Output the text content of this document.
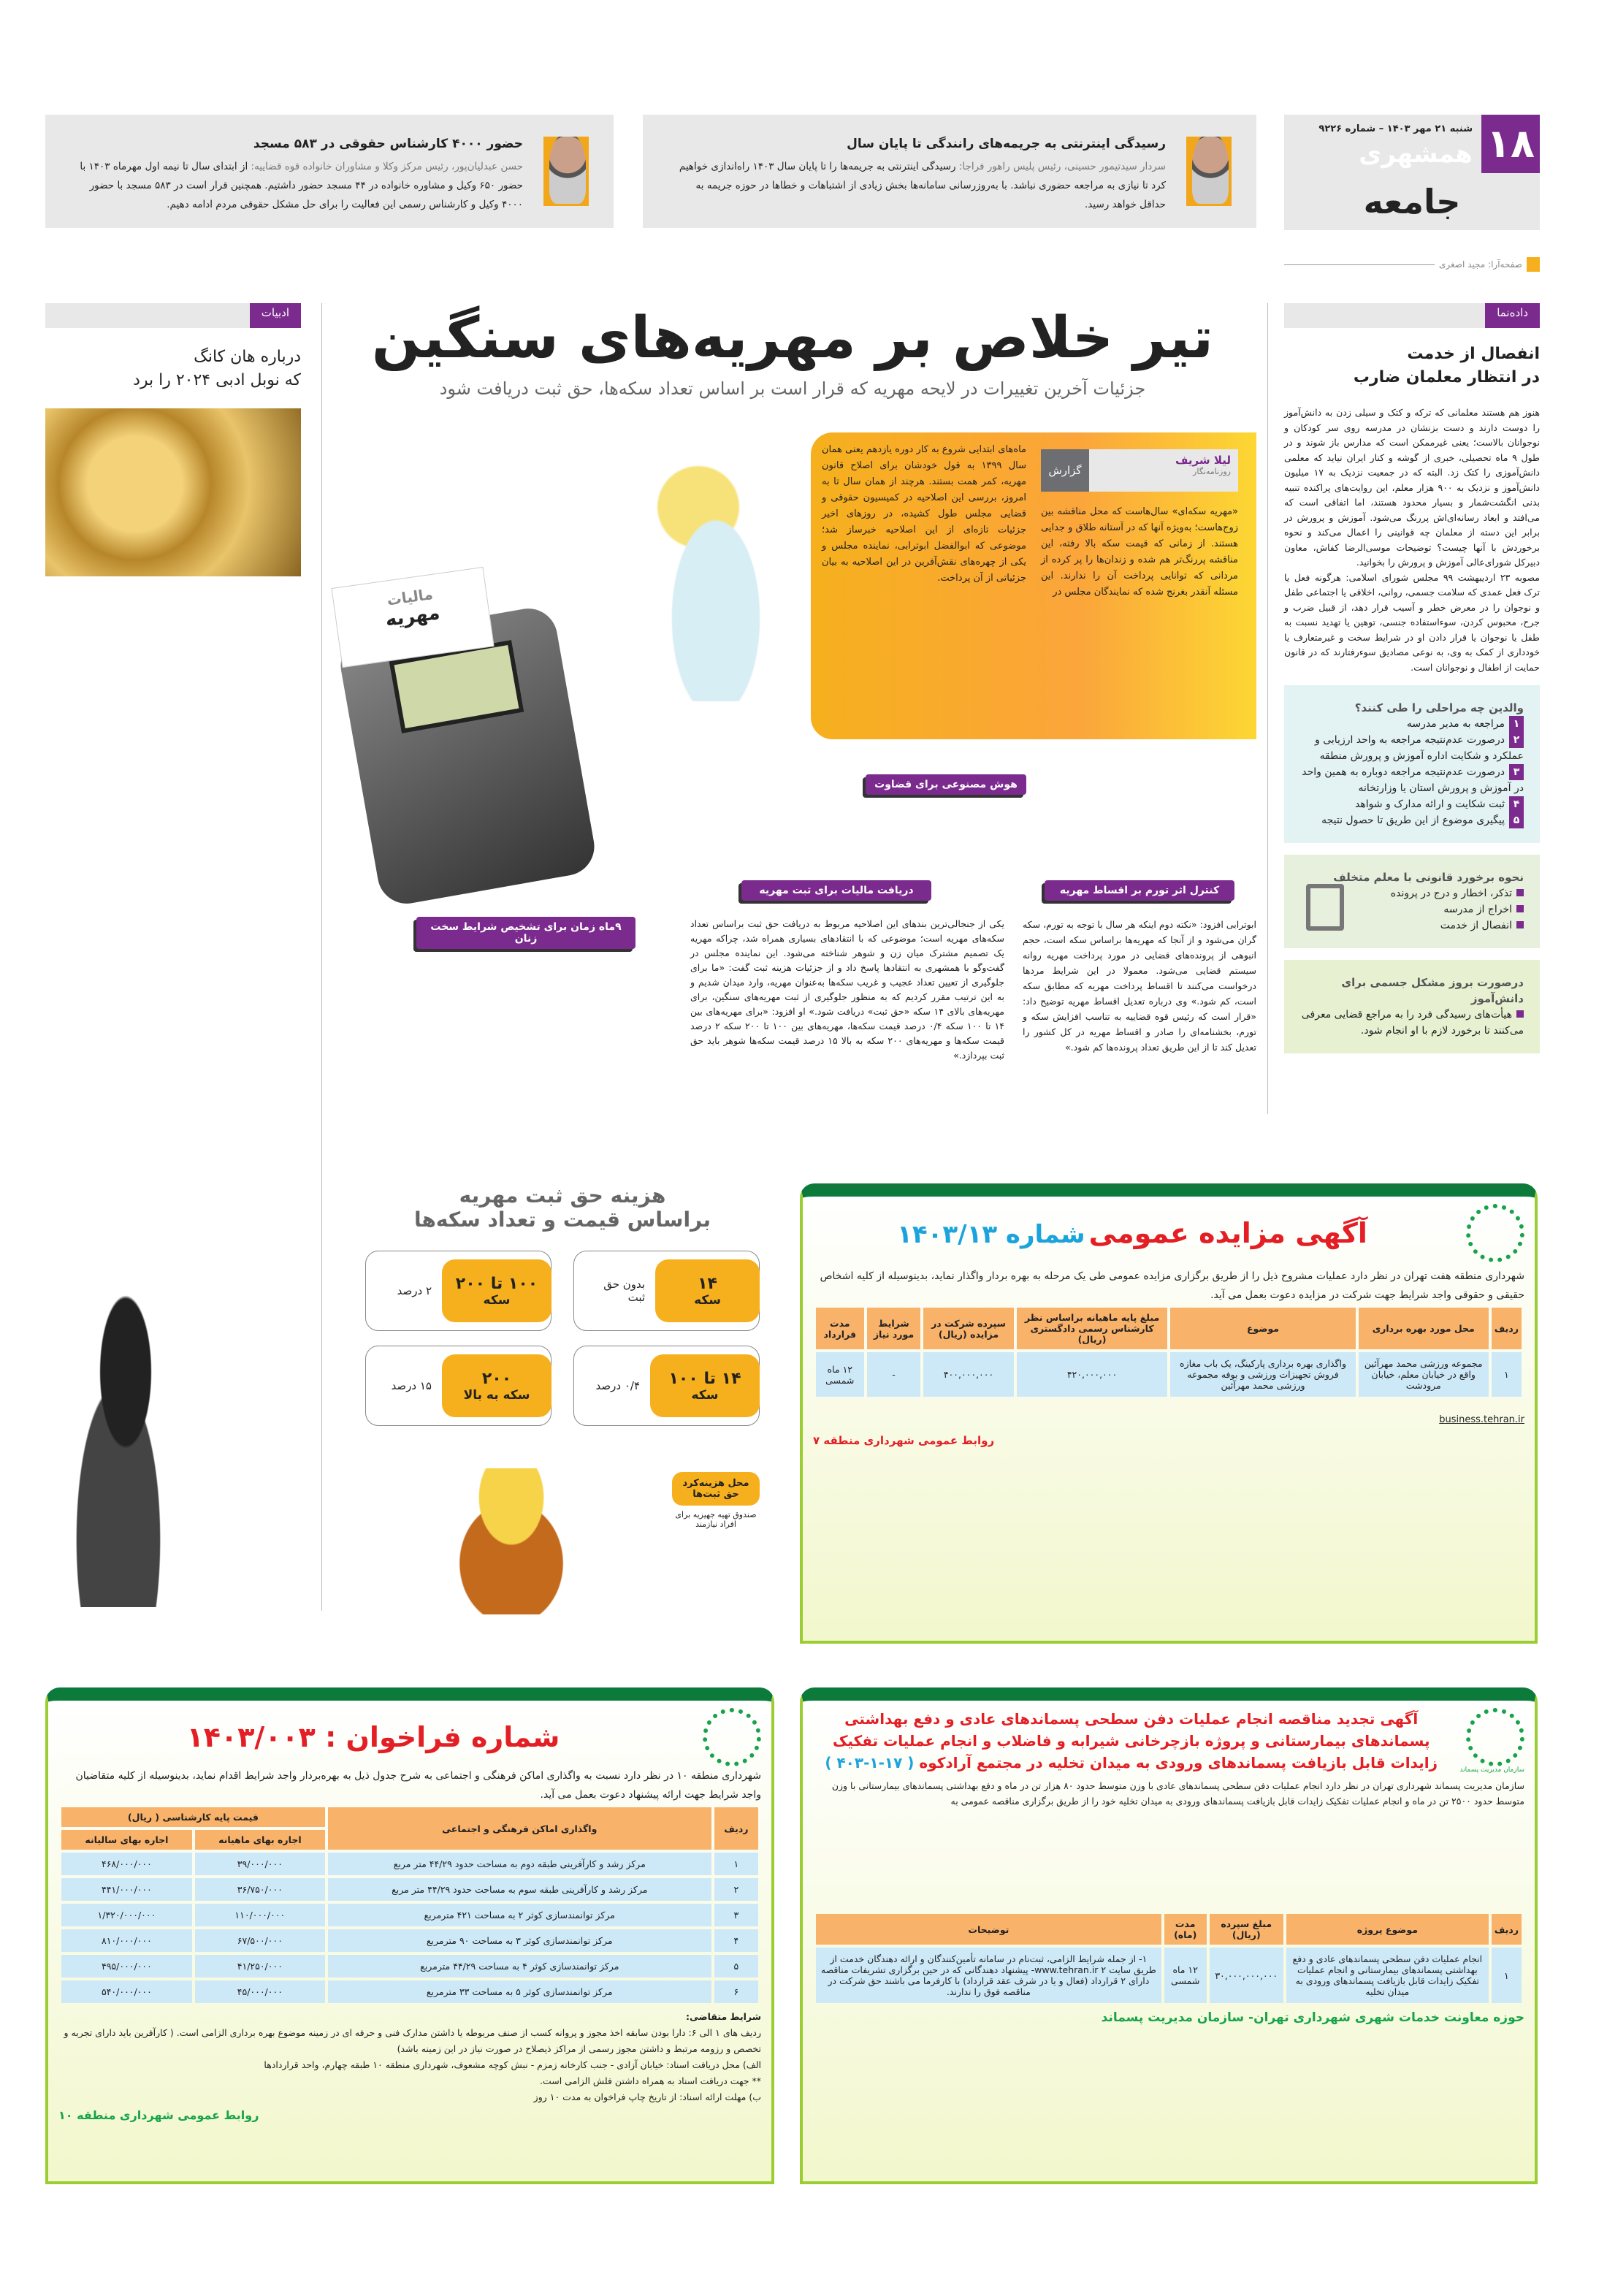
۱۸
شنبه ۲۱ مهر ۱۴۰۳ – شماره ۹۲۲۶
همشهری
جامعه
صفحه‌آرا: مجید اصغری
رسیدگی اینترنتی به جریمه‌های رانندگی تا پایان سال

سردار سیدتیمور حسینی، رئیس پلیس راهور فراجا: رسیدگی اینترنتی به جریمه‌ها را تا پایان سال ۱۴۰۳ راه‌اندازی خواهیم کرد تا نیازی به مراجعه حضوری نباشد. با به‌روزرسانی سامانه‌ها بخش زیادی از اشتباهات و خطاها در حوزه جریمه به حداقل خواهد رسید.

حضور ۴۰۰۰ کارشناس حقوقی در ۵۸۳ مسجد

حسن عبدلیان‌پور، رئیس مرکز وکلا و مشاوران خانواده قوه قضاییه: از ابتدای سال تا نیمه اول مهرماه ۱۴۰۳ با حضور ۶۵۰ وکیل و مشاوره خانواده در ۴۴ مسجد حضور داشتیم. همچنین قرار است در ۵۸۳ مسجد با حضور ۴۰۰۰ وکیل و کارشناس رسمی این فعالیت را برای حل مشکل حقوقی مردم ادامه دهیم.

داده‌نما
انفصال از خدمت
در انتظار معلمان ضارب

هنوز هم هستند معلمانی که ترکه و کتک و سیلی زدن به دانش‌آموز را دوست دارند و دست بزنشان در مدرسه روی سر کودکان و نوجوانان بالاست؛ یعنی غیرممکن است که مدارس باز شوند و در طول ۹ ماه تحصیلی، خبری از گوشه و کنار ایران نیاید که معلمی دانش‌آموزی را کتک زد. البته که در جمعیت نزدیک به ۱۷ میلیون دانش‌آموز و نزدیک به ۹۰۰ هزار معلم، این روایت‌های پراکنده تنبیه بدنی انگشت‌شمار و بسیار محدود هستند، اما اتفاقی است که می‌افتد و ابعاد رسانه‌ای‌اش پررنگ می‌شود. آموزش و پرورش در برابر این دسته از معلمان چه قوانینی را اعمال می‌کند و نحوه برخوردش با آنها چیست؟ توضیحات موسی‌الرضا کفاش، معاون دبیرکل شورای‌عالی آموزش و پرورش را بخوانید.

مصوبه ۲۳ اردیبهشت ۹۹ مجلس شورای اسلامی: هرگونه فعل یا ترک فعل عمدی که سلامت جسمی، روانی، اخلاقی یا اجتماعی طفل و نوجوان را در معرض خطر و آسیب قرار دهد، از قبیل ضرب و جرح، محبوس کردن، سوءاستفاده جنسی، توهین یا تهدید نسبت به طفل یا نوجوان یا قرار دادن او در شرایط سخت و غیرمتعارف یا خودداری از کمک به وی، به نوعی مصادیق سوءرفتارند که در قانون حمایت از اطفال و نوجوانان است.

والدین چه مراحلی را طی کنند؟
۱مراجعه به مدیر مدرسه
۲درصورت عدم‌نتیجه مراجعه به واحد ارزیابی و عملکرد و شکایت اداره آموزش و پرورش منطقه
۳درصورت عدم‌نتیجه مراجعه دوباره به همین واحد در آموزش و پرورش استان یا وزارتخانه
۴ثبت شکایت و ارائه مدارک و شواهد
۵پیگیری موضوع از این طریق تا حصول نتیجه
نحوه برخورد قانونی با معلم متخلف
تذکر، اخطار و درج در پرونده
اخراج از مدرسه
انفصال از خدمت
درصورت بروز مشکل جسمی برای دانش‌آموز
هیأت‌های رسیدگی فرد را به مراجع قضایی معرفی می‌کنند تا برخورد لازم با او انجام شود.
تیر خلاص بر مهریه‌های سنگین
جزئیات آخرین تغییرات در لایحه مهریه که قرار است بر اساس تعداد سکه‌ها، حق ثبت دریافت شود
لیلا شریف
روزنامه‌نگار
گزارش

«مهریه سکه‌ای» سال‌هاست که محل مناقشه بین زوج‌هاست؛ به‌ویژه آنها که در آستانه طلاق و جدایی هستند. از زمانی که قیمت سکه بالا رفته، این مناقشه پررنگ‌تر هم شده و زندان‌ها را پر کرده از مردانی که توانایی پرداخت آن را ندارند. این مسئله آنقدر بغرنج شده که نمایندگان مجلس در

ماه‌های ابتدایی شروع به کار دوره یازدهم یعنی همان سال ۱۳۹۹ به قول خودشان برای اصلاح قانون مهریه، کمر همت بستند. هرچند از همان سال تا به امروز، بررسی این اصلاحیه در کمیسیون حقوقی و قضایی مجلس طول کشیده، در روزهای اخیر جزئیات تازه‌ای از این اصلاحیه خبرساز شد؛ موضوعی که ابوالفضل ابوترابی، نماینده مجلس و یکی از چهره‌های نقش‌آفرین در این اصلاحیه به بیان جزئیاتی از آن پرداخت.

مالیات
مهریه
هوش مصنوعی برای قضاوت
کنترل اثر تورم بر اقساط مهریه
دریافت مالیات برای ثبت مهریه
۹ماه زمان برای تشخیص شرایط سخت زنان

ابوترابی افزود: «نکته دوم اینکه هر سال با توجه به تورم، سکه گران می‌شود و از آنجا که مهریه‌ها براساس سکه است، حجم انبوهی از پرونده‌های قضایی در مورد پرداخت مهریه روانه سیستم قضایی می‌شود. معمولا در این شرایط مردها درخواست می‌کنند تا اقساط پرداخت مهریه که مطابق سکه است، کم شود.» وی درباره تعدیل اقساط مهریه توضیح داد: «قرار است که رئیس قوه قضاییه به تناسب افزایش سکه و تورم، بخشنامه‌ای را صادر و اقساط مهریه در کل کشور را تعدیل کند تا از این طریق تعداد پرونده‌ها کم شود.»

یکی از جنجالی‌ترین بندهای این اصلاحیه مربوط به دریافت حق ثبت براساس تعداد سکه‌های مهریه است؛ موضوعی که با انتقادهای بسیاری همراه شد، چراکه مهریه یک تصمیم مشترک میان زن و شوهر شناخته می‌شود. این نماینده مجلس در گفت‌وگو با همشهری به انتقادها پاسخ داد و از جزئیات هزینه ثبت گفت: «ما برای جلوگیری از تعیین تعداد عجیب و غریب سکه‌ها به‌عنوان مهریه، وارد میدان شدیم و به این ترتیب مقرر کردیم که به منظور جلوگیری از ثبت مهریه‌های سنگین، برای مهریه‌های بالای ۱۴ سکه «حق ثبت» دریافت شود.» او افزود: «برای مهریه‌های بین ۱۴ تا ۱۰۰ سکه ۰/۴ درصد قیمت سکه‌ها، مهریه‌های بین ۱۰۰ تا ۲۰۰ سکه ۲ درصد قیمت سکه‌ها و مهریه‌های ۲۰۰ سکه به بالا ۱۵ درصد قیمت سکه‌ها شوهر باید حق ثبت بپردازد.»

ادبیات
درباره هان کانگ
که نوبل ادبی ۲۰۲۴ را برد
هزینه حق ثبت مهریه
براساس قیمت و تعداد سکه‌ها
۱۴
سکه
بدون حق ثبت
۱۰۰ تا ۲۰۰
سکه
۲ درصد
۱۴ تا ۱۰۰
سکه
۰/۴ درصد
۲۰۰
سکه به بالا
۱۵ درصد
محل هزینه‌کرد حق ثبت‌ها
صندوق تهیه جهیزیه برای افراد نیازمند
آگهی مزایده عمومی شماره ۱۴۰۳/۱۳

شهرداری منطقه هفت تهران در نظر دارد عملیات مشروح ذیل را از طریق برگزاری مزایده عمومی طی یک مرحله به بهره بردار واگذار نماید، بدینوسیله از کلیه اشخاص حقیقی و حقوقی واجد شرایط جهت شرکت در مزایده دعوت بعمل می آید.

ردیف	محل مورد بهره برداری	موضوع	مبلغ پایه ماهیانه براساس نظر کارشناس رسمی دادگستری (ریال)	سپرده شرکت در مزایده (ریال)	شرایط مورد نیاز	مدت قرارداد
۱	مجموعه ورزشی محمد مهرآئین واقع در خیابان معلم، خیابان مرودشت	واگذاری بهره برداری پارکینگ، یک باب مغازه فروش تجهیزات ورزشی و بوفه مجموعه ورزشی محمد مهرآئین	۴۲۰,۰۰۰,۰۰۰	۴۰۰,۰۰۰,۰۰۰	-	۱۲ ماه شمسی
business.tehran.ir
روابط عمومی شهرداری منطقه ۷
شماره فراخوان : ۱۴۰۳/۰۰۳

شهرداری منطقه ۱۰ در نظر دارد نسبت به واگذاری اماکن فرهنگی و اجتماعی به شرح جدول ذیل به بهره‌بردار واجد شرایط اقدام نماید، بدینوسیله از کلیه متقاضیان واجد شرایط جهت ارائه پیشنهاد دعوت بعمل می آید.

ردیف	واگذاری اماکن فرهنگی و اجتماعی	قیمت پایه کارشناسی ( ریال)	
		اجاره بهای ماهیانه	اجاره بهای سالیانه
۱	مرکز رشد و کارآفرینی طبقه دوم به مساحت حدود ۴۴/۲۹ متر مربع	۳۹/۰۰۰/۰۰۰	۴۶۸/۰۰۰/۰۰۰
۲	مرکز رشد و کارآفرینی طبقه سوم به مساحت حدود ۴۴/۲۹ متر مربع	۳۶/۷۵۰/۰۰۰	۴۴۱/۰۰۰/۰۰۰
۳	مرکز توانمندسازی کوثر ۲ به مساحت ۴۲۱ مترمربع	۱۱۰/۰۰۰/۰۰۰	۱/۳۲۰/۰۰۰/۰۰۰
۴	مرکز توانمندسازی کوثر ۳ به مساحت ۹۰ مترمربع	۶۷/۵۰۰/۰۰۰	۸۱۰/۰۰۰/۰۰۰
۵	مرکز توانمندسازی کوثر ۴ به مساحت ۴۴/۲۹ مترمربع	۴۱/۲۵۰/۰۰۰	۴۹۵/۰۰۰/۰۰۰
۶	مرکز توانمندسازی کوثر ۵ به مساحت ۳۳ مترمربع	۴۵/۰۰۰/۰۰۰	۵۴۰/۰۰۰/۰۰۰
شرایط متقاضی:
ردیف های ۱ الی ۶: دارا بودن سابقه اخذ مجوز و پروانه کسب از صنف مربوطه یا داشتن مدارک فنی و حرفه ای در زمینه موضوع بهره برداری الزامی است. ( کارآفرین باید دارای تجربه و تخصص و رزومه مرتبط و داشتن مجوز رسمی از مراکز ذیصلاح در صورت نیاز در این زمینه باشد)
الف) محل دریافت اسناد: خیابان آزادی - جنب کارخانه زمزم - نبش کوچه مشعوف، شهرداری منطقه ۱۰ طبقه چهارم، واحد قراردادها
** جهت دریافت اسناد به همراه داشتن فلش الزامی است.
ب) مهلت ارائه اسناد: از تاریخ چاپ فراخوان به مدت ۱۰ روز
روابط عمومی شهرداری منطقه ۱۰
سازمان مدیریت پسماند
آگهی تجدید مناقصه انجام عملیات دفن سطحی پسماندهای عادی و دفع بهداشتی پسماندهای بیمارستانی و پروژه بازچرخانی شیرابه و فاضلاب و انجام عملیات تفکیک زایدات قابل بازیافت پسماندهای ورودی به میدان تخلیه در مجتمع آرادکوه ( ۱۷-۱-۴۰۳ )

سازمان مدیریت پسماند شهرداری تهران در نظر دارد انجام عملیات دفن سطحی پسماندهای عادی با وزن متوسط حدود ۸۰ هزار تن در ماه و دفع بهداشتی پسماندهای بیمارستانی با وزن متوسط حدود ۲۵۰۰ تن در ماه و انجام عملیات تفکیک زایدات قابل بازیافت پسماندهای ورودی به میدان تخلیه خود را از طریق برگزاری مناقصه عمومی به

ردیف	موضوع پروژه	مبلغ سپرده (ریال)	مدت (ماه)	توضیحات
۱	انجام عملیات دفن سطحی پسماندهای عادی و دفع بهداشتی پسماندهای بیمارستانی و انجام عملیات تفکیک زایدات قابل بازیافت پسماندهای ورودی به میدان تخلیه	۳۰,۰۰۰,۰۰۰,۰۰۰	۱۲ ماه شمسی	۱- از جمله شرایط الزامی، ثبت‌نام در سامانه تأمین‌کنندگان و ارائه دهندگان خدمت از طریق سایت www.tehran.ir ۲- پیشنهاد دهندگانی که در حین برگزاری تشریفات مناقصه دارای ۲ قرارداد (فعال و یا در شرف عقد قرارداد) با کارفرما می باشند حق شرکت در مناقصه فوق را ندارند.
حوزه معاونت خدمات شهری شهرداری تهران- سازمان مدیریت پسماند
